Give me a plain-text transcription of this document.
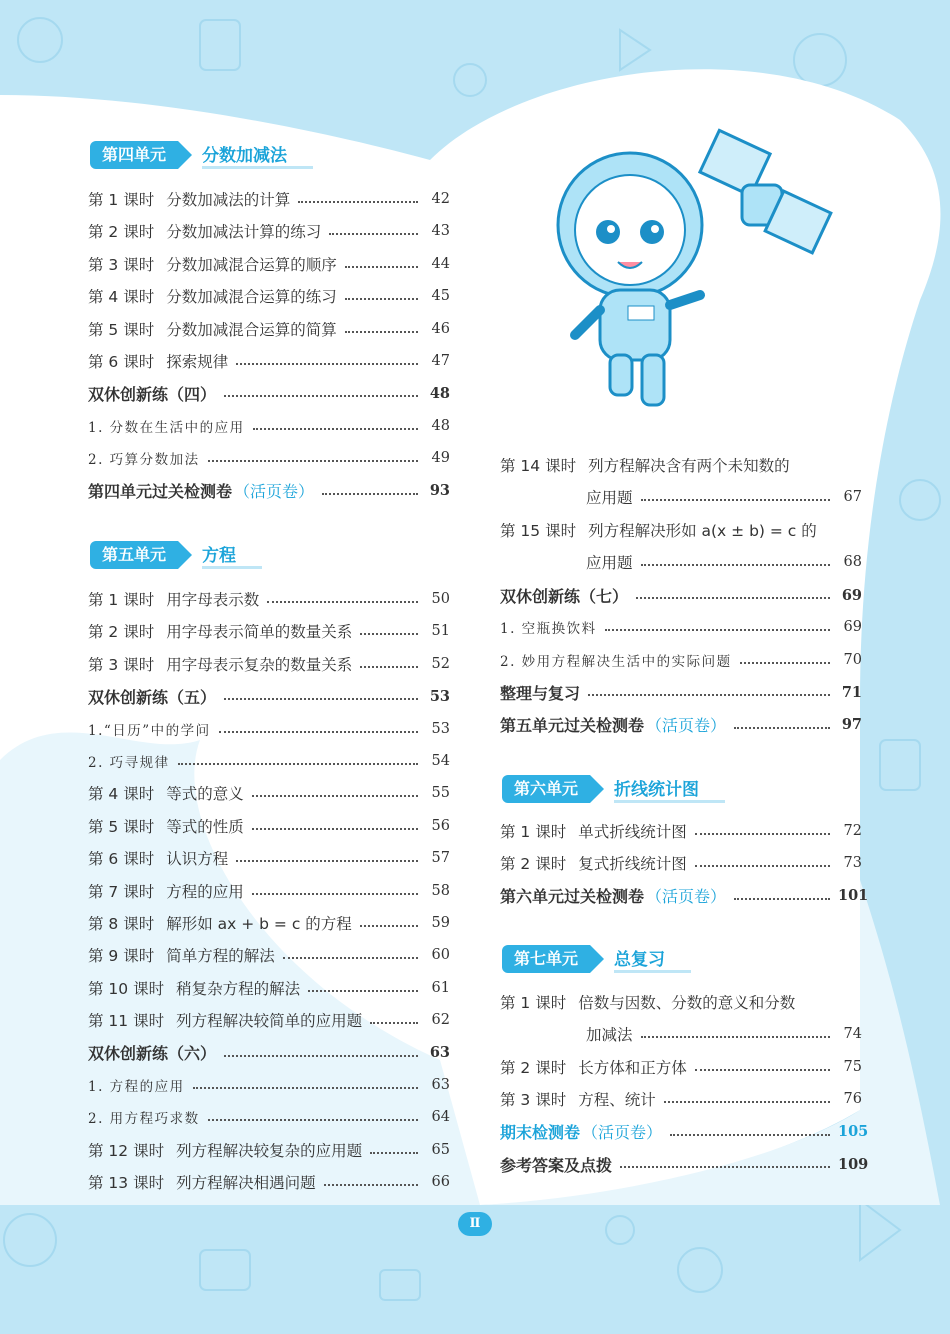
第四单元	分数加减法
第 1 课时 分数加减法的计算	42
第 2 课时 分数加减法计算的练习	43
第 3 课时 分数加减混合运算的顺序	44
第 4 课时 分数加减混合运算的练习	45
第 5 课时 分数加减混合运算的简算	46
第 6 课时 探索规律	47
双休创新练（四）	48
1. 分数在生活中的应用	48
2. 巧算分数加法	49
第四单元过关检测卷 （活页卷）	93
第五单元	方程
第 1 课时 用字母表示数	50
第 2 课时 用字母表示简单的数量关系	51
第 3 课时 用字母表示复杂的数量关系	52
双休创新练（五）	53
1.“日历”中的学问	53
2. 巧寻规律	54
第 4 课时 等式的意义	55
第 5 课时 等式的性质	56
第 6 课时 认识方程	57
第 7 课时 方程的应用	58
第 8 课时 解形如 ax + b = c 的方程	59
第 9 课时 简单方程的解法	60
第 10 课时 稍复杂方程的解法	61
第 11 课时 列方程解决较简单的应用题	62
双休创新练（六）	63
1. 方程的应用	63
2. 用方程巧求数	64
第 12 课时 列方程解决较复杂的应用题	65
第 13 课时 列方程解决相遇问题	66
第 14 课时 列方程解决含有两个未知数的
应用题	67
第 15 课时 列方程解决形如 a(x ± b) = c 的
应用题	68
双休创新练（七）	69
1. 空瓶换饮料	69
2. 妙用方程解决生活中的实际问题	70
整理与复习	71
第五单元过关检测卷 （活页卷）	97
第六单元	折线统计图
第 1 课时 单式折线统计图	72
第 2 课时 复式折线统计图	73
第六单元过关检测卷 （活页卷）	101
第七单元	总复习
第 1 课时 倍数与因数、分数的意义和分数
加减法	74
第 2 课时 长方体和正方体	75
第 3 课时 方程、统计	76
期末检测卷 （活页卷）	105
参考答案及点拨	109
Ⅱ
